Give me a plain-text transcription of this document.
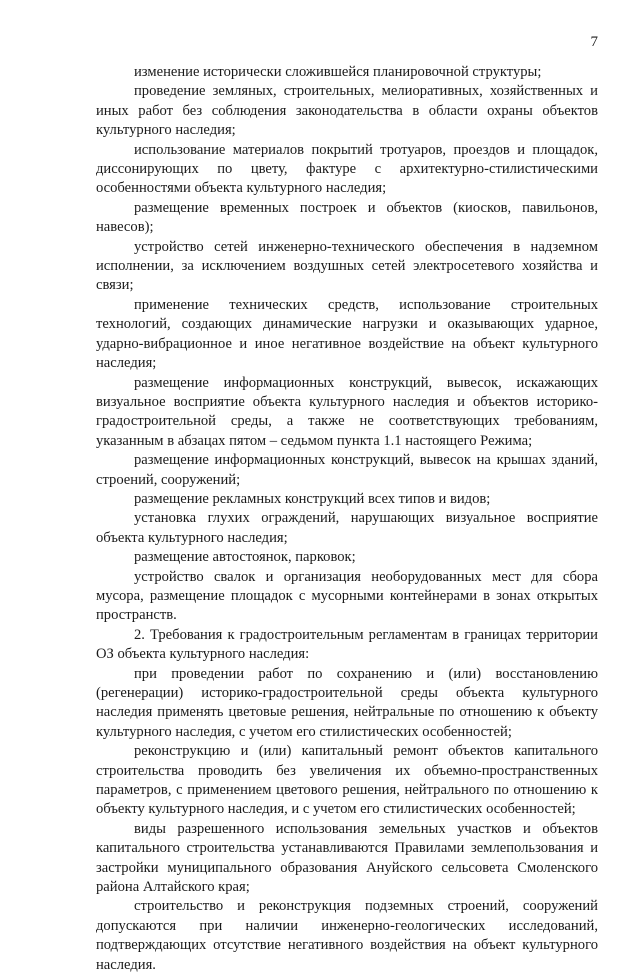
7

изменение исторически сложившейся планировочной структуры;

проведение земляных, строительных, мелиоративных, хозяйственных и иных работ без соблюдения законодательства в области охраны объектов культурного наследия;

использование материалов покрытий тротуаров, проездов и площадок, диссонирующих по цвету, фактуре с архитектурно-стилистическими особенностями объекта культурного наследия;

размещение временных построек и объектов (киосков, павильонов, навесов);

устройство сетей инженерно-технического обеспечения в надземном исполнении, за исключением воздушных сетей электросетевого хозяйства и связи;

применение технических средств, использование строительных технологий, создающих динамические нагрузки и оказывающих ударное, ударно-вибрационное и иное негативное воздействие на объект культурного наследия;

размещение информационных конструкций, вывесок, искажающих визуальное восприятие объекта культурного наследия и объектов историко-градостроительной среды, а также не соответствующих требованиям, указанным в абзацах пятом – седьмом пункта 1.1 настоящего Режима;

размещение информационных конструкций, вывесок на крышах зданий, строений, сооружений;

размещение рекламных конструкций всех типов и видов;

установка глухих ограждений, нарушающих визуальное восприятие объекта культурного наследия;

размещение автостоянок, парковок;

устройство свалок и организация необорудованных мест для сбора мусора, размещение площадок с мусорными контейнерами в зонах открытых пространств.

2. Требования к градостроительным регламентам в границах территории ОЗ объекта культурного наследия:

при проведении работ по сохранению и (или) восстановлению (регенерации) историко-градостроительной среды объекта культурного наследия применять цветовые решения, нейтральные по отношению к объекту культурного наследия, с учетом его стилистических особенностей;

реконструкцию и (или) капитальный ремонт объектов капитального строительства проводить без увеличения их объемно-пространственных параметров, с применением цветового решения, нейтрального по отношению к объекту культурного наследия, и с учетом его стилистических особенностей;

виды разрешенного использования земельных участков и объектов капитального строительства устанавливаются Правилами землепользования и застройки муниципального образования Ануйского сельсовета Смоленского района Алтайского края;

строительство и реконструкция подземных строений, сооружений допускаются при наличии инженерно-геологических исследований, подтверждающих отсутствие негативного воздействия на объект культурного наследия.
